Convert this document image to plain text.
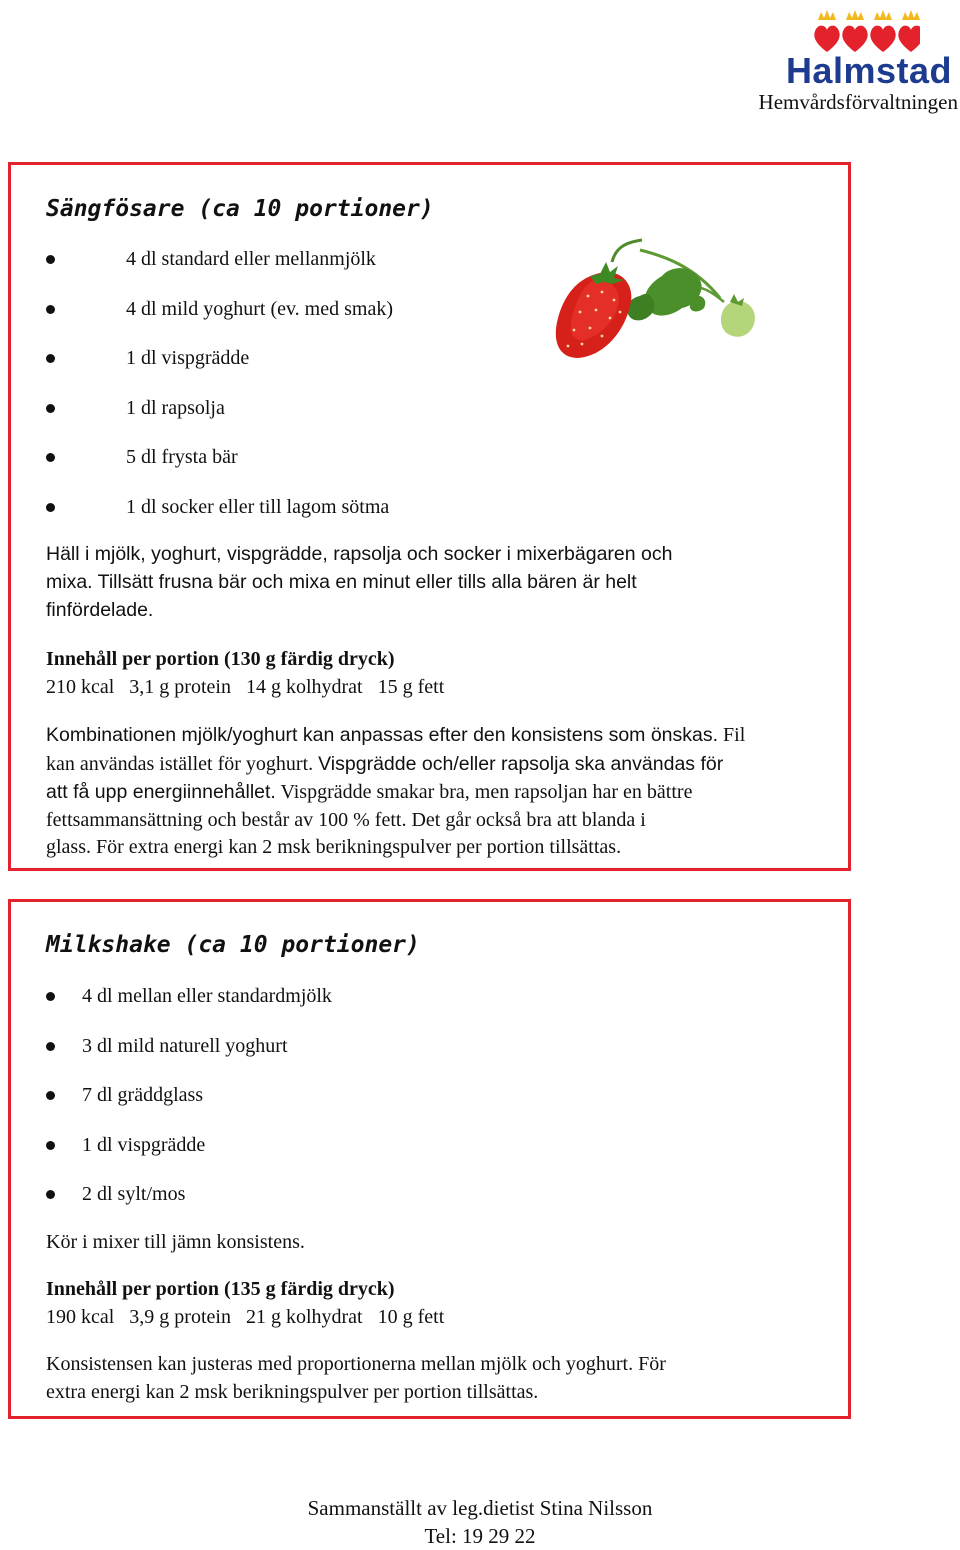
Halmstad
Hemvårdsförvaltningen
Sängfösare (ca 10 portioner)
4 dl standard eller mellanmjölk
4 dl mild yoghurt (ev. med smak)
1 dl vispgrädde
1 dl rapsolja
5 dl frysta bär
1 dl socker eller till lagom sötma
Häll i mjölk, yoghurt, vispgrädde, rapsolja och socker i mixerbägaren och
mixa. Tillsätt frusna bär och mixa en minut eller tills alla bären är helt
finfördelade.
Innehåll per portion (130 g färdig dryck)
210 kcal   3,1 g protein   14 g kolhydrat   15 g fett
Kombinationen mjölk/yoghurt kan anpassas efter den konsistens som önskas. Fil
kan användas istället för yoghurt. Vispgrädde och/eller rapsolja ska användas för
att få upp energiinnehållet. Vispgrädde smakar bra, men rapsoljan har en bättre
fettsammansättning och består av 100 % fett. Det går också bra att blanda i
glass. För extra energi kan 2 msk berikningspulver per portion tillsättas.
Milkshake (ca 10 portioner)
4 dl mellan eller standardmjölk
3 dl mild naturell yoghurt
7 dl gräddglass
1 dl vispgrädde
2 dl sylt/mos
Kör i mixer till jämn konsistens.
Innehåll per portion (135 g färdig dryck)
190 kcal   3,9 g protein   21 g kolhydrat   10 g fett
Konsistensen kan justeras med proportionerna mellan mjölk och yoghurt. För
extra energi kan 2 msk berikningspulver per portion tillsättas.
Sammanställt av leg.dietist Stina Nilsson
Tel: 19 29 22
